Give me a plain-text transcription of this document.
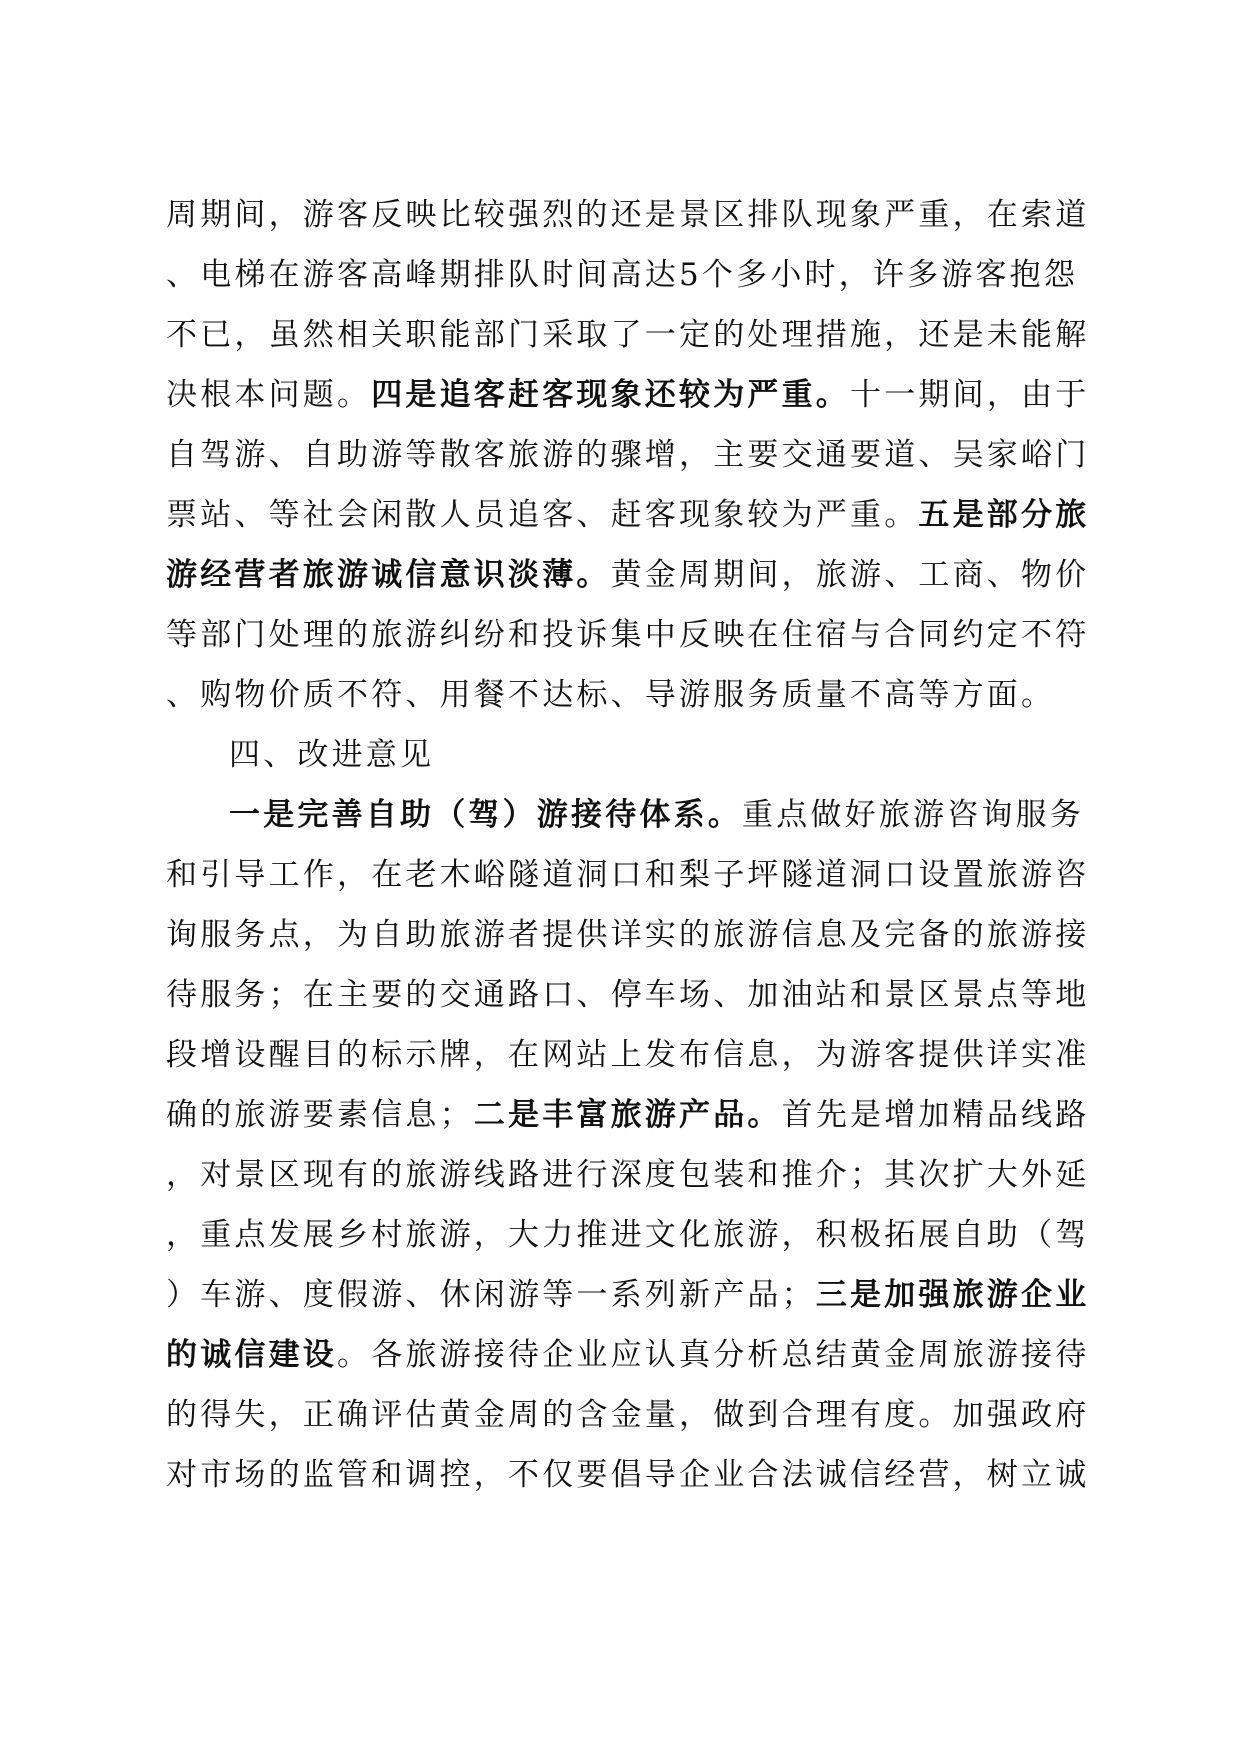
周期间，游客反映比较强烈的还是景区排队现象严重，在索道
、电梯在游客高峰期排队时间高达5个多小时，许多游客抱怨
不已，虽然相关职能部门采取了一定的处理措施，还是未能解
决根本问题。四是追客赶客现象还较为严重。十一期间，由于
自驾游、自助游等散客旅游的骤增，主要交通要道、吴家峪门
票站、等社会闲散人员追客、赶客现象较为严重。五是部分旅
游经营者旅游诚信意识淡薄。黄金周期间，旅游、工商、物价
等部门处理的旅游纠纷和投诉集中反映在住宿与合同约定不符
、购物价质不符、用餐不达标、导游服务质量不高等方面。
四、改进意见
一是完善自助（驾）游接待体系。重点做好旅游咨询服务
和引导工作，在老木峪隧道洞口和梨子坪隧道洞口设置旅游咨
询服务点，为自助旅游者提供详实的旅游信息及完备的旅游接
待服务；在主要的交通路口、停车场、加油站和景区景点等地
段增设醒目的标示牌，在网站上发布信息，为游客提供详实准
确的旅游要素信息；二是丰富旅游产品。首先是增加精品线路
，对景区现有的旅游线路进行深度包装和推介；其次扩大外延
，重点发展乡村旅游，大力推进文化旅游，积极拓展自助（驾
）车游、度假游、休闲游等一系列新产品；三是加强旅游企业
的诚信建设。各旅游接待企业应认真分析总结黄金周旅游接待
的得失，正确评估黄金周的含金量，做到合理有度。加强政府
对市场的监管和调控，不仅要倡导企业合法诚信经营，树立诚
